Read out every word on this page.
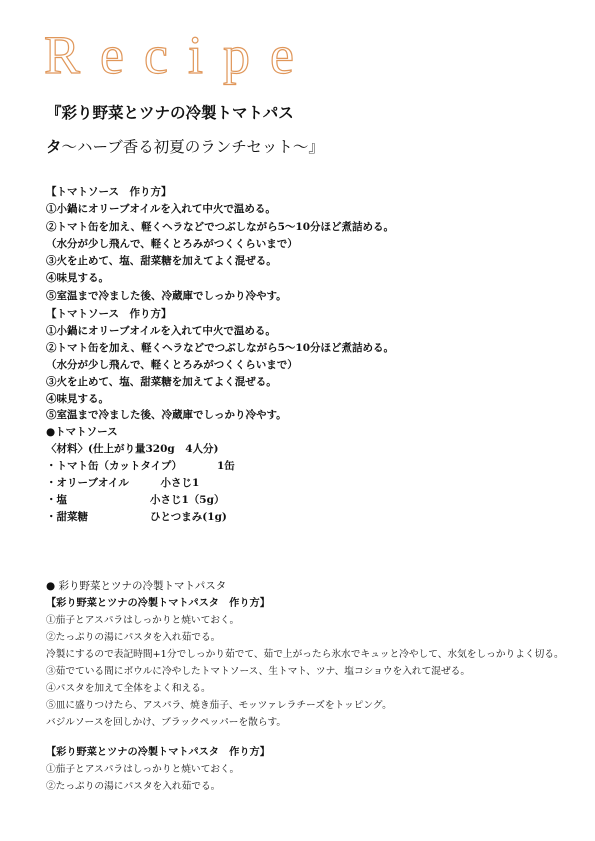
Recipe

『彩り野菜とツナの冷製トマトパスタ〜ハーブ香る初夏のランチセット〜』

【トマトソース　作り方】
①小鍋にオリーブオイルを入れて中火で温める。
②トマト缶を加え、軽くヘラなどでつぶしながら5〜10分ほど煮詰める。
（水分が少し飛んで、軽くとろみがつくくらいまで）
③火を止めて、塩、甜菜糖を加えてよく混ぜる。
④味見する。
⑤室温まで冷ました後、冷蔵庫でしっかり冷やす。
【トマトソース　作り方】
①小鍋にオリーブオイルを入れて中火で温める。
②トマト缶を加え、軽くヘラなどでつぶしながら5〜10分ほど煮詰める。
（水分が少し飛んで、軽くとろみがつくくらいまで）
③火を止めて、塩、甜菜糖を加えてよく混ぜる。
④味見する。
⑤室温まで冷ました後、冷蔵庫でしっかり冷やす。
●トマトソース
〈材料〉(仕上がり量320g　4人分)
・トマト缶（カットタイプ）　　1缶
・オリーブオイル　小さじ1
・塩	小さじ1（5g）
・甜菜糖	ひとつまみ(1g)
● 彩り野菜とツナの冷製トマトパスタ
【彩り野菜とツナの冷製トマトパスタ　作り方】
①茄子とアスパラはしっかりと焼いておく。
②たっぷりの湯にパスタを入れ茹でる。
冷製にするので表記時間+1分でしっかり茹でて、茹で上がったら氷水でキュッと冷やして、水気をしっかりよく切る。
③茹でている間にボウルに冷やしたトマトソース、生トマト、ツナ、塩コショウを入れて混ぜる。
④パスタを加えて全体をよく和える。
⑤皿に盛りつけたら、アスパラ、焼き茄子、モッツァレラチーズをトッピング。
バジルソースを回しかけ、ブラックペッパーを散らす。
【彩り野菜とツナの冷製トマトパスタ　作り方】
①茄子とアスパラはしっかりと焼いておく。
②たっぷりの湯にパスタを入れ茹でる。
